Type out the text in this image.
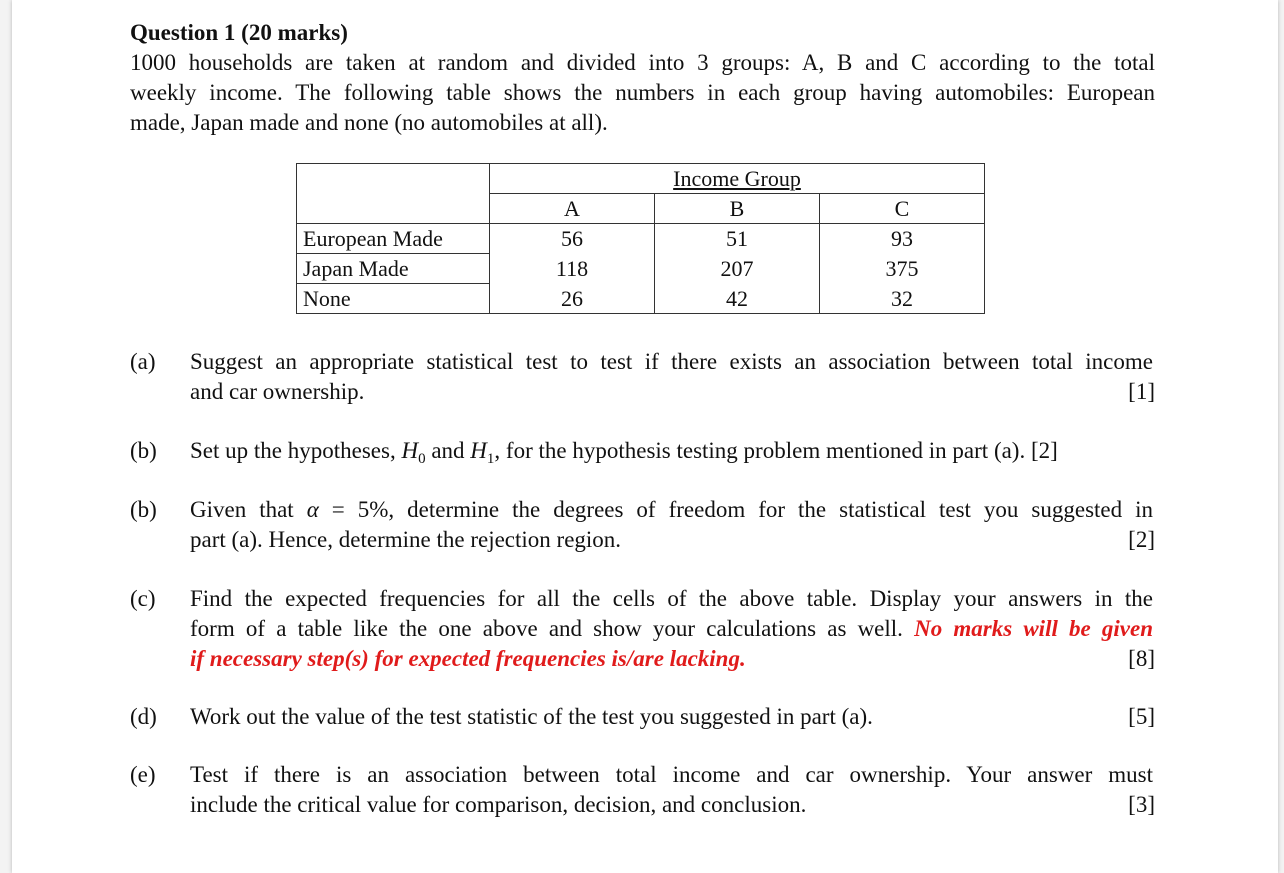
Question 1 (20 marks)
1000 households are taken at random and divided into 3 groups: A, B and C according to the total
weekly income. The following table shows the numbers in each group having automobiles: European
made, Japan made and none (no automobiles at all).
	Income Group		
	A	B	C
European Made	56	51	93
Japan Made	118	207	375
None	26	42	32
(a) Suggest an appropriate statistical test to test if there exists an association between total income
and car ownership.	[1]
(b) Set up the hypotheses, $H_0$ and $H_1$, for the hypothesis testing problem mentioned in part (a). [2]
(b) Given that α = 5%, determine the degrees of freedom for the statistical test you suggested in
part (a). Hence, determine the rejection region.	[2]
(c) Find the expected frequencies for all the cells of the above table. Display your answers in the
form of a table like the one above and show your calculations as well. No marks will be given
if necessary step(s) for expected frequencies is/are lacking.	[8]
(d) Work out the value of the test statistic of the test you suggested in part (a).	[5]
(e) Test if there is an association between total income and car ownership. Your answer must
include the critical value for comparison, decision, and conclusion.	[3]
